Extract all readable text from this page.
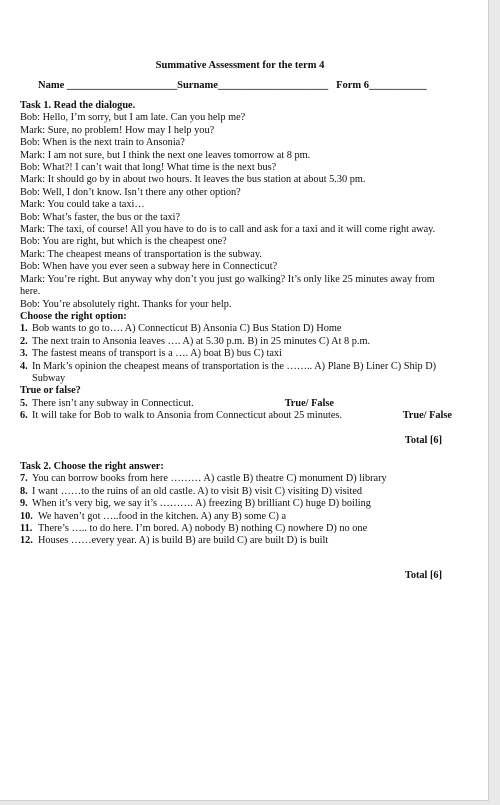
Summative Assessment for the term 4
Name _____________________Surname_____________________ Form 6___________

Task 1. Read the dialogue.

Bob: Hello, I’m sorry, but I am late. Can you help me?

Mark: Sure, no problem! How may I help you?

Bob: When is the next train to Ansonia?

Mark: I am not sure, but I think the next one leaves tomorrow at 8 pm.

Bob: What?! I can’t wait that long! What time is the next bus?

Mark: It should go by in about two hours. It leaves the bus station at about 5.30 pm.

Bob: Well, I don’t know. Isn’t there any other option?

Mark: You could take a taxi…

Bob: What’s faster, the bus or the taxi?

Mark: The taxi, of course! All you have to do is to call and ask for a taxi and it will come right away.

Bob: You are right, but which is the cheapest one?

Mark: The cheapest means of transportation is the subway.

Bob: When have you ever seen a subway here in Connecticut?

Mark: You’re right. But anyway why don’t you just go walking? It’s only like 25 minutes away from here.

Bob: You’re absolutely right. Thanks for your help.

Choose the right option:

1. Bob wants to go to…. A) Connecticut B) Ansonia C) Bus Station D) Home
2. The next train to Ansonia leaves …. A) at 5.30 p.m. B) in 25 minutes C) At 8 p.m.
3. The fastest means of transport is a …. A) boat B) bus C) taxi
4. In Mark’s opinion the cheapest means of transportation is the …….. A) Plane B) Liner C) Ship D) Subway

True or false?

5. There isn’t any subway in Connecticut.	True/ False
6. It will take for Bob to walk to Ansonia from Connecticut about 25 minutes.	True/ False
Total [6]

Task 2. Choose the right answer:

7. You can borrow books from here ……… A) castle B) theatre C) monument D) library
8. I want ……to the ruins of an old castle. A) to visit B) visit C) visiting D) visited
9. When it’s very big, we say it’s ………. A) freezing B) brilliant C) huge D) boiling
10. We haven’t got …..food in the kitchen. A) any B) some C) a
11. There’s ….. to do here. I’m bored. A) nobody B) nothing C) nowhere D) no one
12. Houses ……every year. A) is build B) are build C) are built D) is built
Total [6]
